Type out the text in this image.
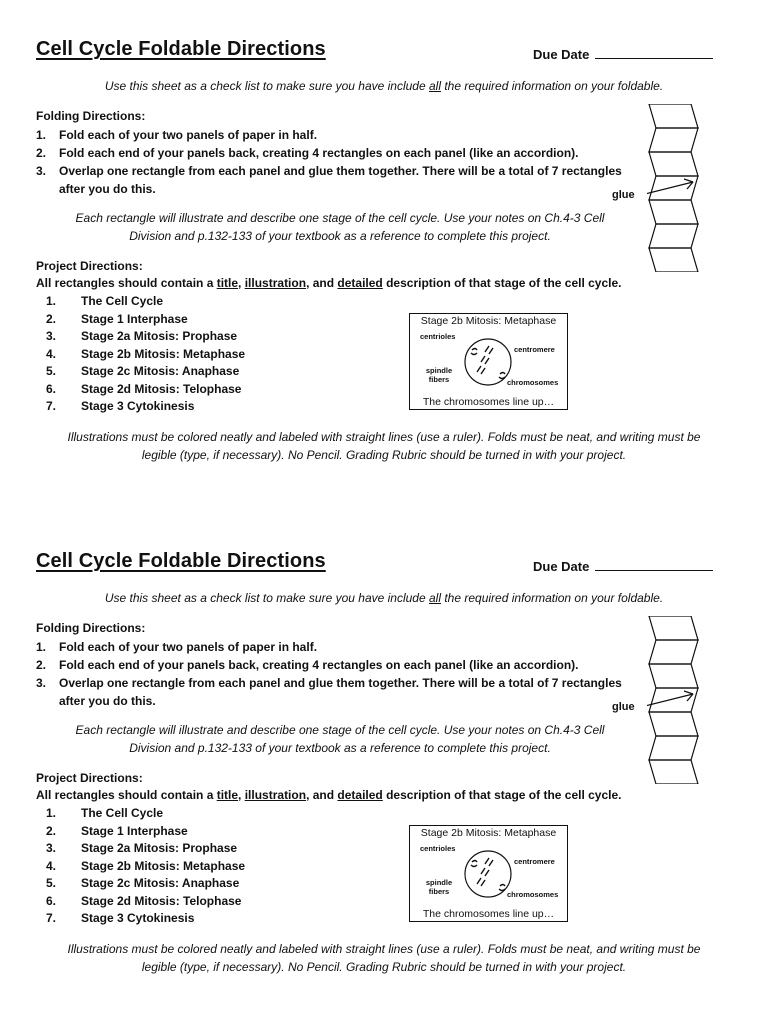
Cell Cycle Foldable Directions	Due Date

Use this sheet as a check list to make sure you have include all the required information on your foldable.

Folding Directions:
1. Fold each of your two panels of paper in half.
2. Fold each end of your panels back, creating 4 rectangles on each panel (like an accordion).
3. Overlap one rectangle from each panel and glue them together. There will be a total of 7 rectangles after you do this.	glue

Each rectangle will illustrate and describe one stage of the cell cycle. Use your notes on Ch.4-3 Cell Division and p.132-133 of your textbook as a reference to complete this project.

Project Directions:

All rectangles should contain a title, illustration, and detailed description of that stage of the cell cycle.

1. The Cell Cycle
2. Stage 1 Interphase
3. Stage 2a Mitosis: Prophase
4. Stage 2b Mitosis: Metaphase
5. Stage 2c Mitosis: Anaphase
6. Stage 2d Mitosis: Telophase
7. Stage 3 Cytokinesis
Stage 2b Mitosis: Metaphase
centrioles
centromere
spindle fibers	chromosomes
The chromosomes line up…

Illustrations must be colored neatly and labeled with straight lines (use a ruler). Folds must be neat, and writing must be legible (type, if necessary). No Pencil. Grading Rubric should be turned in with your project.

Cell Cycle Foldable Directions	Due Date

Use this sheet as a check list to make sure you have include all the required information on your foldable.

Folding Directions:
1. Fold each of your two panels of paper in half.
2. Fold each end of your panels back, creating 4 rectangles on each panel (like an accordion).
3. Overlap one rectangle from each panel and glue them together. There will be a total of 7 rectangles after you do this.	glue

Each rectangle will illustrate and describe one stage of the cell cycle. Use your notes on Ch.4-3 Cell Division and p.132-133 of your textbook as a reference to complete this project.

Project Directions:

All rectangles should contain a title, illustration, and detailed description of that stage of the cell cycle.

1. The Cell Cycle
2. Stage 1 Interphase
3. Stage 2a Mitosis: Prophase
4. Stage 2b Mitosis: Metaphase
5. Stage 2c Mitosis: Anaphase
6. Stage 2d Mitosis: Telophase
7. Stage 3 Cytokinesis
Stage 2b Mitosis: Metaphase
centrioles
centromere
spindle fibers	chromosomes
The chromosomes line up…

Illustrations must be colored neatly and labeled with straight lines (use a ruler). Folds must be neat, and writing must be legible (type, if necessary). No Pencil. Grading Rubric should be turned in with your project.
